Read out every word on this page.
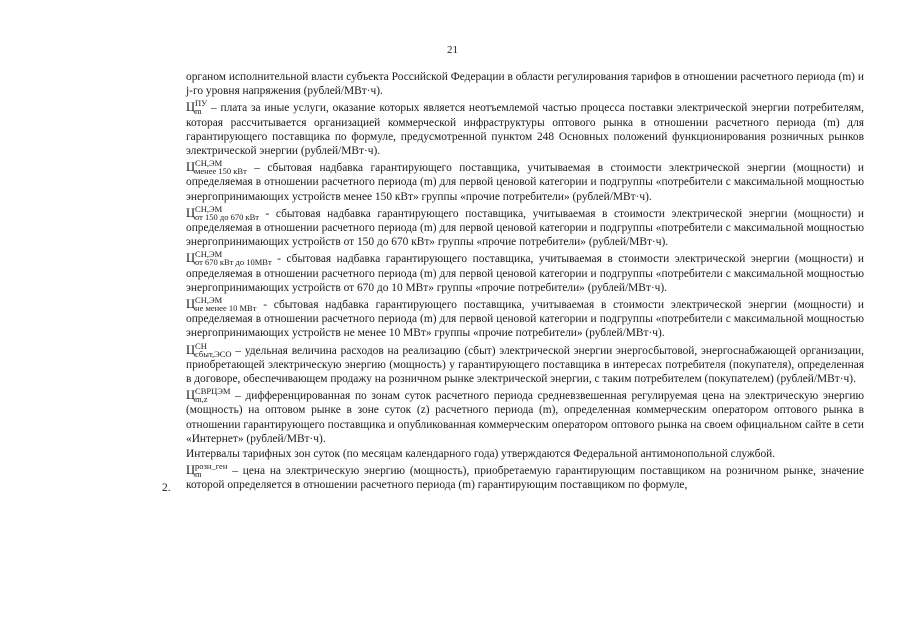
21
2.

органом исполнительной власти субъекта Российской Федерации в области регулирования тарифов в отношении расчетного периода (m) и j-го уровня напряжения (рублей/МВт·ч).

Ц ПУ
m – плата за иные услуги, оказание которых является неотъемлемой частью процесса поставки электрической энергии потребителям, которая рассчитывается организацией коммерческой инфраструктуры оптового рынка в отношении расчетного периода (m) для гарантирующего поставщика по формуле, предусмотренной пунктом 248 Основных положений функционирования розничных рынков электрической энергии (рублей/МВт·ч).

Ц СН,ЭМ
менее 150 кВт – сбытовая надбавка гарантирующего поставщика, учитываемая в стоимости электрической энергии (мощности) и определяемая в отношении расчетного периода (m) для первой ценовой категории и подгруппы «потребители с максимальной мощностью энергопринимающих устройств менее 150 кВт» группы «прочие потребители» (рублей/МВт·ч).

Ц СН,ЭМ
от 150 до 670 кВт - сбытовая надбавка гарантирующего поставщика, учитываемая в стоимости электрической энергии (мощности) и определяемая в отношении расчетного периода (m) для первой ценовой категории и подгруппы «потребители с максимальной мощностью энергопринимающих устройств от 150 до 670 кВт» группы «прочие потребители» (рублей/МВт·ч).

Ц СН,ЭМ
от 670 кВт до 10МВт - сбытовая надбавка гарантирующего поставщика, учитываемая в стоимости электрической энергии (мощности) и определяемая в отношении расчетного периода (m) для первой ценовой категории и подгруппы «потребители с максимальной мощностью энергопринимающих устройств от 670 до 10 МВт» группы «прочие потребители» (рублей/МВт·ч).

Ц СН,ЭМ
не менее 10 МВт - сбытовая надбавка гарантирующего поставщика, учитываемая в стоимости электрической энергии (мощности) и определяемая в отношении расчетного периода (m) для первой ценовой категории и подгруппы «потребители с максимальной мощностью энергопринимающих устройств не менее 10 МВт» группы «прочие потребители» (рублей/МВт·ч).

Ц СН
сбыт,ЭСО – удельная величина расходов на реализацию (сбыт) электрической энергии энергосбытовой, энергоснабжающей организации, приобретающей электрическую энергию (мощность) у гарантирующего поставщика в интересах потребителя (покупателя), определенная в договоре, обеспечивающем продажу на розничном рынке электрической энергии, с таким потребителем (покупателем) (рублей/МВт·ч).

Ц СВРЦЭМ
m,z	– дифференцированная по зонам суток расчетного периода средневзвешенная регулируемая цена на электрическую энергию (мощность) на оптовом рынке в зоне суток (z) расчетного периода (m), определенная коммерческим оператором оптового рынка в отношении гарантирующего поставщика и опубликованная коммерческим оператором оптового рынка на своем официальном сайте в сети «Интернет» (рублей/МВт·ч).

Интервалы тарифных зон суток (по месяцам календарного года) утверждаются Федеральной антимонопольной службой.

Ц розн_ген
m	– цена на электрическую энергию (мощность), приобретаемую гарантирующим поставщиком на розничном рынке, значение которой определяется в отношении расчетного периода (m) гарантирующим поставщиком по формуле,
